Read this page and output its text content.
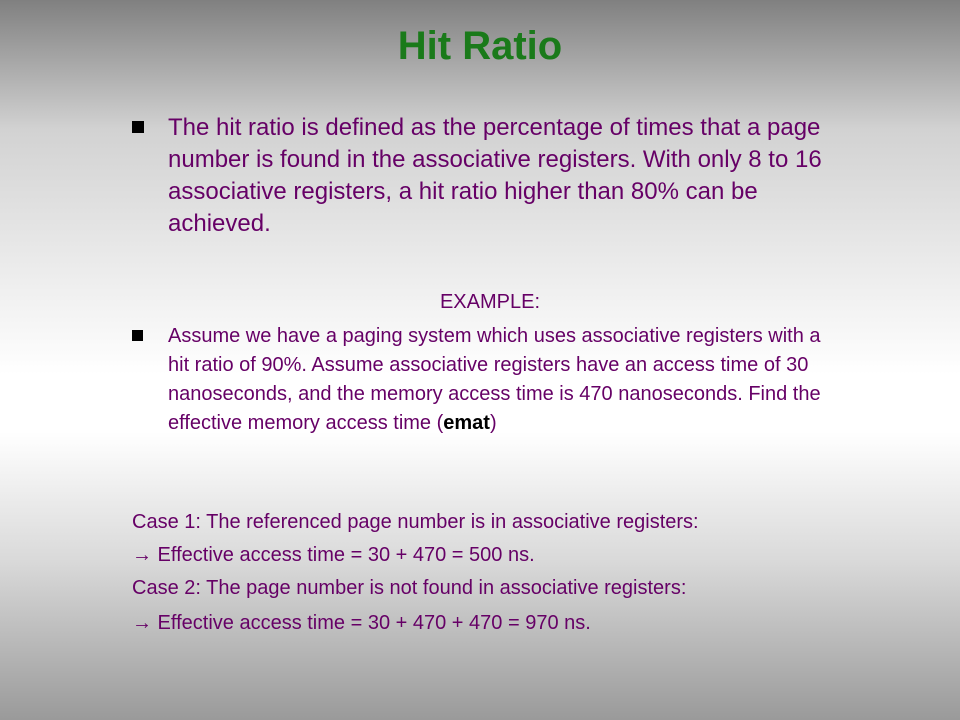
Hit Ratio
The hit ratio is defined as the percentage of times that a page number is found in the associative registers. With only 8 to 16 associative registers, a hit ratio higher than 80% can be achieved.
EXAMPLE:
Assume we have a paging system which uses associative registers with a hit ratio of 90%. Assume associative registers have an access time of 30 nanoseconds, and the memory access time is 470 nanoseconds. Find the effective memory access time (emat)
Case 1: The referenced page number is in associative registers:
→ Effective access time = 30 + 470 = 500 ns.
Case 2: The page number is not found in associative registers:
→ Effective access time = 30 + 470 + 470 = 970 ns.
